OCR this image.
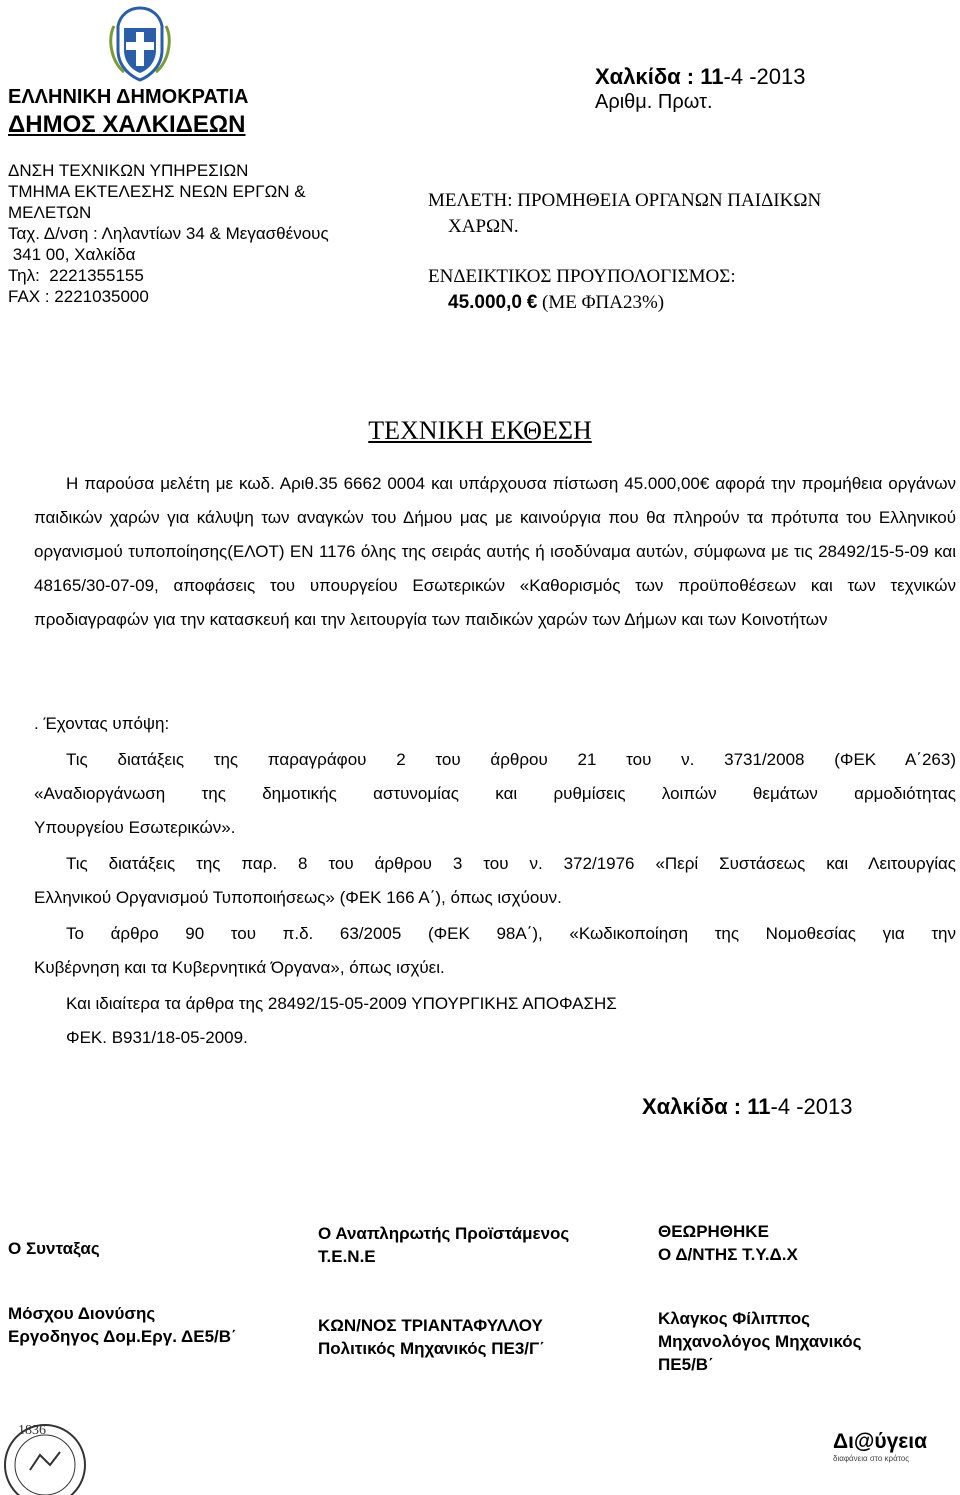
ΕΛΛΗΝΙΚΗ ΔΗΜΟΚΡΑΤΙΑ
ΔΗΜΟΣ ΧΑΛΚΙΔΕΩΝ
ΔΝΣΗ ΤΕΧΝΙΚΩΝ ΥΠΗΡΕΣΙΩΝ
ΤΜΗΜΑ ΕΚΤΕΛΕΣΗΣ ΝΕΩΝ ΕΡΓΩΝ &
ΜΕΛΕΤΩΝ
Ταχ. Δ/νση : Ληλαντίων 34 & Μεγασθένους
341 00, Χαλκίδα
Τηλ:  2221355155
FAX : 2221035000
Χαλκίδα : 11-4 -2013
Αριθμ. Πρωτ.
ΜΕΛΕΤΗ: ΠΡΟΜΗΘΕΙΑ ΟΡΓΑΝΩΝ ΠΑΙΔΙΚΩΝ
ΧΑΡΩΝ.
ΕΝΔΕΙΚΤΙΚΟΣ ΠΡΟΥΠΟΛΟΓΙΣΜΟΣ:
45.000,0 € (ΜΕ ΦΠΑ23%)
ΤΕΧΝΙΚΗ ΕΚΘΕΣΗ
Η παρούσα μελέτη με κωδ. Αριθ.35 6662 0004 και υπάρχουσα πίστωση 45.000,00€ αφορά την προμήθεια οργάνων παιδικών χαρών για κάλυψη των αναγκών του Δήμου μας με καινούργια που θα πληρούν τα πρότυπα του Ελληνικού οργανισμού τυποποίησης(ΕΛΟΤ) ΕΝ 1176 όλης της σειράς αυτής ή ισοδύναμα αυτών, σύμφωνα με τις 28492/15-5-09 και 48165/30-07-09, αποφάσεις του υπουργείου Εσωτερικών «Καθορισμός των προϋποθέσεων και των τεχνικών προδιαγραφών για την κατασκευή και την λειτουργία των παιδικών χαρών των Δήμων και των Κοινοτήτων
. Έχοντας υπόψη:
Τις διατάξεις της παραγράφου 2 του άρθρου 21 του ν. 3731/2008 (ΦΕΚ Α΄263)
«Αναδιοργάνωση της δημοτικής αστυνομίας και ρυθμίσεις λοιπών θεμάτων αρμοδιότητας
Υπουργείου Εσωτερικών».
Τις διατάξεις της παρ. 8 του άρθρου 3 του ν. 372/1976 «Περί Συστάσεως και Λειτουργίας
Ελληνικού Οργανισμού Τυποποιήσεως» (ΦΕΚ 166 Α΄), όπως ισχύουν.
Το άρθρο 90 του π.δ. 63/2005 (ΦΕΚ 98Α΄), «Κωδικοποίηση της Νομοθεσίας για την
Κυβέρνηση και τα Κυβερνητικά Όργανα», όπως ισχύει.
Και ιδιαίτερα τα άρθρα της 28492/15-05-2009 ΥΠΟΥΡΓΙΚΗΣ ΑΠΟΦΑΣΗΣ
ΦΕΚ. Β931/18-05-2009.
Χαλκίδα : 11-4 -2013
Ο Συνταξας
Μόσχου Διονύσης
Εργοδηγος Δομ.Εργ. ΔΕ5/Β΄
Ο Αναπληρωτής Προϊστάμενος
Τ.Ε.Ν.Ε
ΚΩΝ/ΝΟΣ ΤΡΙΑΝΤΑΦΥΛΛΟΥ
Πολιτικός Μηχανικός ΠΕ3/Γ΄
ΘΕΩΡΗΘΗΚΕ
Ο Δ/ΝΤΗΣ Τ.Υ.Δ.Χ
Κλαγκος Φίλιππος
Μηχανολόγος Μηχανικός
ΠΕ5/Β΄
1836	Δι@ύγεια
διαφάνεια στο κράτος
